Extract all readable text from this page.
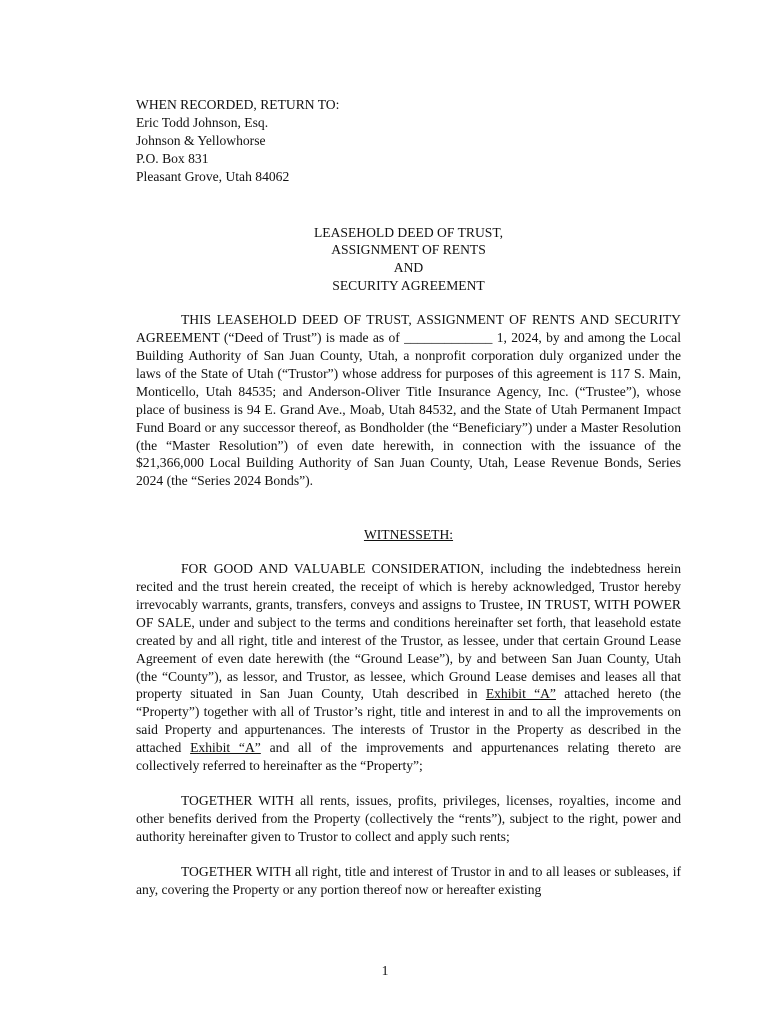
WHEN RECORDED, RETURN TO:
Eric Todd Johnson, Esq.
Johnson & Yellowhorse
P.O. Box 831
Pleasant Grove, Utah 84062
LEASEHOLD DEED OF TRUST,
ASSIGNMENT OF RENTS
AND
SECURITY AGREEMENT

THIS LEASEHOLD DEED OF TRUST, ASSIGNMENT OF RENTS AND SECURITY AGREEMENT (“Deed of Trust”) is made as of _____________ 1, 2024, by and among the Local Building Authority of San Juan County, Utah, a nonprofit corporation duly organized under the laws of the State of Utah (“Trustor”) whose address for purposes of this agreement is 117 S. Main, Monticello, Utah 84535; and Anderson-Oliver Title Insurance Agency, Inc. (“Trustee”), whose place of business is 94 E. Grand Ave., Moab, Utah 84532, and the State of Utah Permanent Impact Fund Board or any successor thereof, as Bondholder (the “Beneficiary”) under a Master Resolution (the “Master Resolution”) of even date herewith, in connection with the issuance of the $21,366,000 Local Building Authority of San Juan County, Utah, Lease Revenue Bonds, Series 2024 (the “Series 2024 Bonds”).

WITNESSETH:

FOR GOOD AND VALUABLE CONSIDERATION, including the indebtedness herein recited and the trust herein created, the receipt of which is hereby acknowledged, Trustor hereby irrevocably warrants, grants, transfers, conveys and assigns to Trustee, IN TRUST, WITH POWER OF SALE, under and subject to the terms and conditions hereinafter set forth, that leasehold estate created by and all right, title and interest of the Trustor, as lessee, under that certain Ground Lease Agreement of even date herewith (the “Ground Lease”), by and between San Juan County, Utah (the “County”), as lessor, and Trustor, as lessee, which Ground Lease demises and leases all that property situated in San Juan County, Utah described in Exhibit “A” attached hereto (the “Property”) together with all of Trustor’s right, title and interest in and to all the improvements on said Property and appurtenances. The interests of Trustor in the Property as described in the attached Exhibit “A” and all of the improvements and appurtenances relating thereto are collectively referred to hereinafter as the “Property”;

TOGETHER WITH all rents, issues, profits, privileges, licenses, royalties, income and other benefits derived from the Property (collectively the “rents”), subject to the right, power and authority hereinafter given to Trustor to collect and apply such rents;

TOGETHER WITH all right, title and interest of Trustor in and to all leases or subleases, if any, covering the Property or any portion thereof now or hereafter existing

1
